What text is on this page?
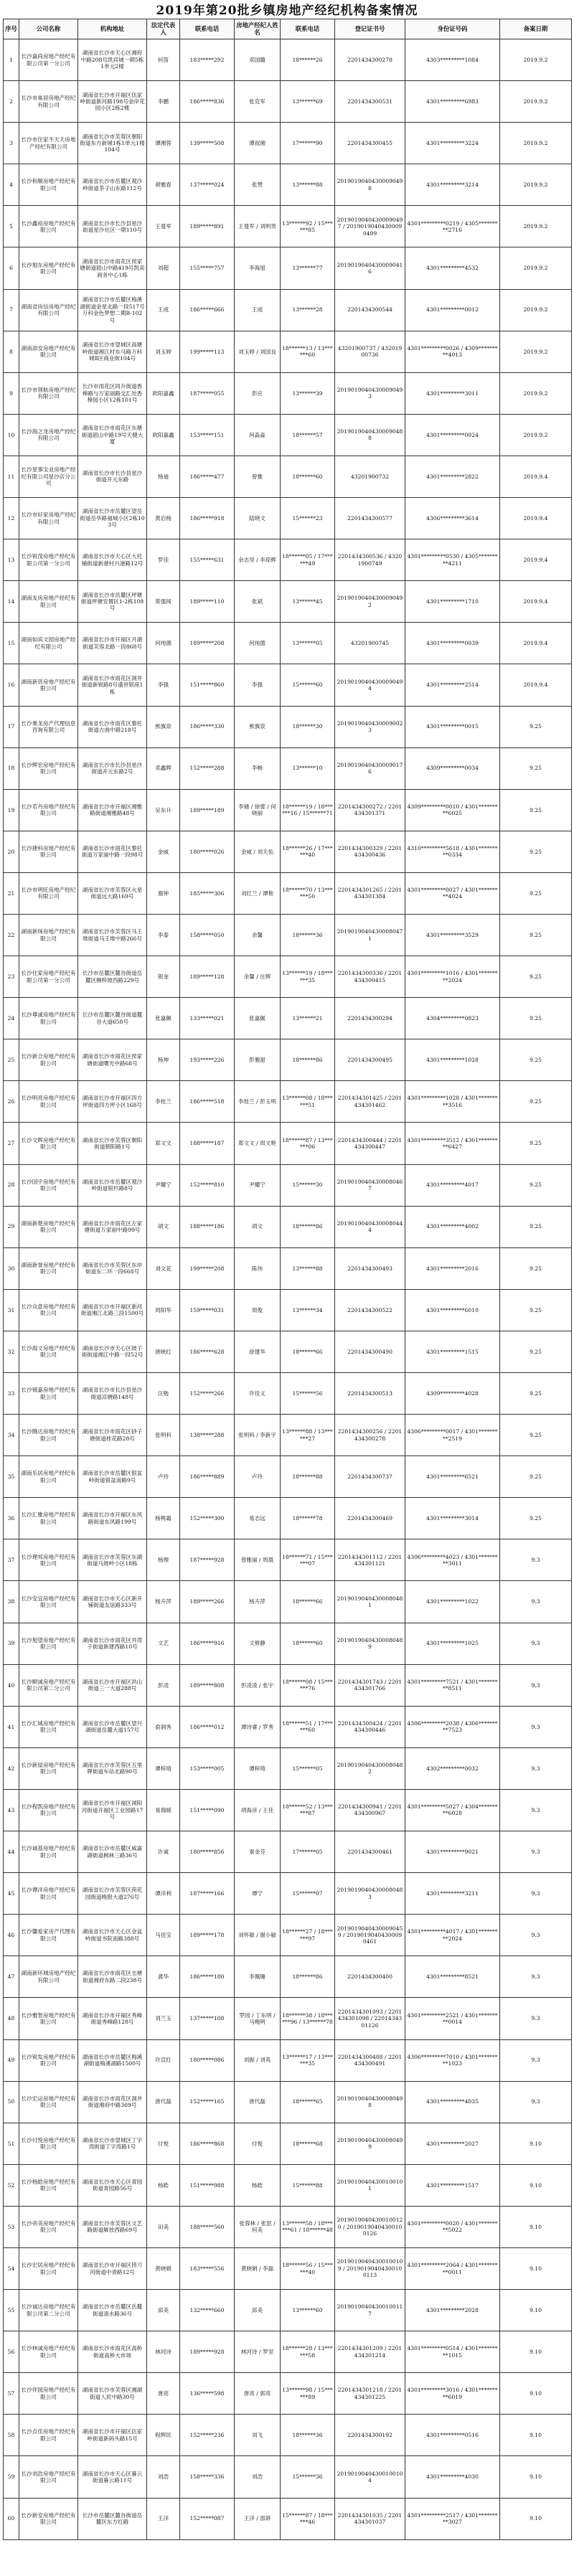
2019年第20批乡镇房地产经纪机构备案情况
序号	公司名称	机构地址	法定代表人	联系电话	房地产经纪人姓名	联系电话	登记证书号	身份证号码	备案日期
1	长沙嘉尚房地产经纪有限公司第一分公司	湖南省长沙市天心区湘府中路208号凯宾城一期5栋1单元2楼	何笛	183*****292	邓国璐	18******26	2201434300278	4303*********1084	2019.9.2
2	长沙市巢居房地产经纪有限公司	湖南省长沙市开福区伍家岭街道新河路198号金岸花园小区2栋2楼	李鹏	186*****836	张克军	13******69	2201434300531	4301*********6983	2019.9.2
3	长沙市住家不天天房地产经纪有限公司	湖南省长沙市芙蓉区朝阳街道东方新城1栋1单元1楼104号	谭湘蓉	139*****508	谭叔湘	17******90	2201434300455	4301*********3224	2019.9.2
4	长沙和顺房地产经纪有限公司	湖南省长沙市岳麓区观沙岭街道茶子山东路112号	胡雅春	137*****024	张赞	13******88	20190190404300090498	4301*********3214	2019.9.2
5	长沙鑫裕房地产经纪有限公司	湖南省长沙市长沙县星沙街道星沙社区一期110号	王曼军	189*****891	王曼军 / 刘明贵	13******92 / 15******85	20190190404300090497 / 20190190404300090499	4301*********0219 / 4305*********2716	2019.9.2
6	长沙旭东房地产经纪有限公司	湖南省长沙市雨花区侯家塘街道韶山中路419号凯宾商务中心1栋	刘超	155*****757	李海旭	13******77	20190190404300090416	4301*********4532	2019.9.2
7	湖南省房信房地产经纪有限公司	湖南省长沙市岳麓区梅溪湖街道金星北路一段517号万科金色梦想二期B-102号	王成	186*****666	王成	13******28	2201434300544	4301*********0012	2019.9.2
8	湖南添安房地产经纪有限公司	湖南省长沙市望城区高塘岭街道湘江村东马路万科城Ⅱ区商业街104号	刘玉婷	199*****113	刘玉婷 / 刘国良	18******13 / 13******60	43201900737 / 43201900736	4301*********0026 / 4309*********4013	2019.9.2
9	长沙市领航房地产经纪有限公司	长沙市雨花区同升街道香樟路与万家丽路交汇处香樟园小区12栋101号	欧阳嘉鑫	187*****055	彭应	13******39	20190190404300090493	4301*********3011	2019.9.2
10	长沙海之龙房地产经纪有限公司	湖南省长沙市雨花区东塘街道韶山中路19号天健大厦	欧阳嘉鑫	153*****151	何淼淼	18******57	20190190404300090488	4301*********0024	2019.9.2
11	长沙星事宝业房地产经纪有限公司星沙店分公司	湖南省长沙市长沙县星沙街道开元东路	杨迪	186*****477	曾雅	18******60	43201900732	4301*********2822	2019.9.4
12	长沙市好家房地产经纪有限公司	湖南省长沙市岳麓区望岳街道岳华路福城小区2栋103号	黄启杨	186*****918	陆晓文	15******23	2201434300577	4306*********3614	2019.9.4
13	长沙锐茂房地产经纪有限公司第一分公司	湖南省长沙市天心区大托铺街道新港村兴港路12号	罗佳	155*****631	余志坚 / 李琼辉	18******05 / 17******49	2201434300536 / 43201900749	4301*********0530 / 4305*********4211	2019.9.4
14	湖南友房房地产经纪有限公司	湖南省长沙市岳麓区坪塘街道坪塘安置区1-2栋108号	莫强闯	189*****110	张斌	13******45	20190190404300090492	4301*********1710	2019.9.4
15	湖南如宾文园房地产经纪有限公司	湖南省长沙市开福区月湖街道芙蓉北路一段868号	何纯德	189*****208	何纯德	13******05	43201900745	4301*********0039	2019.9.4
16	湖南新资房地产经纪有限公司	湖南省长沙市雨花区洞井街道新锐路8号盛世银座1栋	李强	151*****860	李强	15******60	20190190404300090494	4301*********2514	2019.9.4
17	长沙奥龙房产代理信息咨询有限公司	湖南省长沙市雨花区黎托街道古曲中路218号	熊旗泉	186*****330	熊旗泉	18******30	20190190404300090023	4301*********0015	9.25
18	长沙辉宏房地产经纪有限公司	湖南省长沙市长沙县星沙街道开元东路2号	邓鑫辉	152*****288	李畅	13******10	20190190404300090176	4309*********0034	9.25
19	长沙若丹房地产经纪有限公司	湖南省长沙市开福区湘雅路街道湘雅路48号	吴东升	189*****189	李储 / 徐蕾 / 何晓丽	18******19 / 18******16 / 15******71	2201434300272 / 2201434301371	4309*********0010 / 4301*********6025	9.25
20	长沙捷科房地产经纪有限公司	湖南省长沙市雨花区黎托街道万家丽中路一段98号	金威	180*****026	金威 / 刘天佑	18******26 / 17******40	2201434300329 / 2201434300436	4310*********5618 / 4301*********0334	9.25
21	长沙市明旺房地产经纪有限公司	湖南省长沙市芙蓉区火星街道远大路169号	谢钟	185*****306	刘红兰 / 谭艳	18******70 / 13******50	2201434301265 / 2201434301384	4301*********0027 / 4301*********4024	9.25
22	湖南新珠房地产经纪有限公司	湖南省长沙市芙蓉区马王堆街道马王堆中路266号	李泰	158*****050	余馨	18******36	20190190404300080471	4301*********3529	9.25
23	长沙住家房地产经纪有限公司第一分公司	长沙市岳麓区麓谷街道岳麓区桐梓坡西路229号	银金	189*****128	余馨 / 庄辉	13******19 / 18******35	2201434300336 / 2201434300415	4301*********1016 / 4301*********2024	9.25
24	长沙尊诚房地产经纪有限公司	长沙市岳麓区麓谷街道麓谷大道658号	张嘉佩	133*****021	张嘉佩	13******21	2201434300294	4304*********0823	9.25
25	长沙新合房地产经纪有限公司	湖南省长沙市雨花区侯家塘街道曙光中路68号	杨坤	193*****226	彭雅甜	18******86	2201434300495	4301*********1028	9.25
26	长沙明亮房地产经纪有限公司	湖南省长沙市开福区四方坪街道四方坪小区168号	李桂兰	186*****518	李桂兰 / 彭玉明	13******08 / 18******51	2201434301425 / 2201434301462	4301*********1028 / 4301*********3516	9.25
27	长沙文辉房地产经纪有限公司	湖南省长沙市芙蓉区朝阳街道朝阳路1号	郑文文	188*****187	郑文文 / 周文艳	18******87 / 13******06	2201434300444 / 2201434300447	4301*********3512 / 4301*********6427	9.25
28	长沙国宇房地产经纪有限公司	湖南省长沙市岳麓区观沙岭街道银杉路8号	尹耀宁	152*****810	尹耀宁	15******30	20190190404300080467	4301*********4017	9.25
29	湖南新楚房地产经纪有限公司	湖南省长沙市雨花区左家塘街道万家丽中路99号	胡文	188*****186	胡文	18******86	20190190404300080444	4301*********4002	9.25
30	湖南新誉房地产经纪有限公司	湖南省长沙市芙蓉区东岸街道东二环一段668号	刘文花	199*****208	陈伟	13******88	2201434300493	4301*********2016	9.25
31	长沙众意房地产经纪有限公司	湖南省长沙市开福区新河街道湘江北路三段1500号	周阳华	159*****031	周俊	13******34	2201434300522	4301*********6010	9.25
32	长沙海文房地产经纪有限公司	湖南省长沙市天心区坡子街街道湘江中路一段52号	唐映红	186*****628	徐建华	18******66	2201434300490	4301*********1515	9.25
33	长沙锦嘉房地产经纪有限公司	湖南省长沙市长沙县星沙街道凉塘路148号	汪勉	152*****266	许佳义	15******56	2201434300513	4309*********4028	9.25
34	长沙腾达房地产经纪有限公司	湖南省长沙市雨花区砂子塘街道桂花路28号	张明科	138*****288	张明科 / 李新宇	13******88 / 13******27	2201434300256 / 2201434300278	4306*********0017 / 4301*********2519	9.25
35	湖南乐居房地产经纪有限公司	湖南省长沙市岳麓区银盆岭街道银盆南路9号	卢玲	186*****889	卢玲	18******88	2201434300737	4301*********6521	9.25
36	长沙汇雅房地产经纪有限公司	湖南省长沙市开福区东风路街道东风路199号	杨桃霜	152*****300	易志远	18******78	2201434300469	4301*********3014	9.25
37	长沙理邦房地产经纪有限公司	湖南省长沙市芙蓉区东湖街道马坡岭小区18栋	杨理	187*****928	曾雅丽 / 周晨	18******71 / 15******07	2201434301112 / 2201434301121	4306*********4023 / 4301*********3011	9.3
38	长沙安宜房地产经纪有限公司	湖南省长沙市天心区新开铺街道友谊路333号	杨卉萍	189*****266	杨卉萍	18******66	20190190404300080481	4301*********1022	9.3
39	长沙旭望房地产经纪有限公司	湖南省长沙市雨花区井湾子街道新建西路10号	文艺	186*****916	文修静	18******60	20190190404300080489	4301*********1025	9.3
40	长沙顺诚房地产经纪有限公司第二分公司	湖南省长沙市开福区洪山街道三一大道288号	彭凌	189*****808	彭凌凌 / 张宇	18******08 / 15******76	2201434301743 / 2201434301766	4301*********7521 / 4301*********8511	9.3
41	长沙汇城房地产经纪有限公司	湖南省长沙市岳麓区望月湖街道岳麓大道157号	俞洞秀	186*****012	谭诗睿 / 罗秀	18******51 / 17******60	2201434300424 / 2201434300446	4306*********2038 / 4306*********7523	9.3
42	长沙新屋房地产经纪有限公司	湖南省长沙市芙蓉区五里牌街道车站北路90号	谭梓琦	153*****005	谭梓琦	15******05	20190190404300080482	4302*********0032	9.3
43	长沙程凯房地产经纪有限公司	湖南省长沙市开福区浏阳河街道开福区工业园路17号	易瑞媛	151*****090	胡海彦 / 王佳	18******52 / 13******87	2201434300941 / 2201434300967	4301*********5027 / 4304*********6028	9.3
44	长沙诚基房地产经纪有限公司	湖南省长沙市岳麓区咸嘉湖街道枫林三路36号	许诚	180*****856	秦金芬	17******05	2201434300461	4301*********9021	9.3
45	长沙谭洋房地产经纪有限公司	湖南省长沙市芙蓉区荷花园街道晚报大道276号	谭洋利	187*****166	谭宁	15******07	20190190404300080483	4301*********3211	9.3
46	长沙馨爱家房产代理有限公司	湖南省长沙市天心区金盆岭街道书院南路388号	马佳宝	189*****178	刘怀敏 / 谢小敏	18******27 / 18******97	20190190404300090459 / 20190190404300090461	4301*********4017 / 4301*********2024	9.3
47	湖南新环城房地产经纪有限公司	湖南省长沙市雨花区圭塘街道湘府东路二段238号	龚华	186*****180	李佩珊	18******86	2201434300400	4301*********8521	9.3
48	长沙雅智房地产经纪有限公司	湖南省长沙市开福区秀峰街道秀峰路128号	刘兰玉	137*****108	罗园 / 丁东明 / 马晚明	18******38 / 18******96 / 13******78	2201434301093 / 2201434301098 / 2201434301126	4301*********2521 / 4301*********0014	9.3
49	长沙锐发房地产经纪有限公司	湖南省长沙市岳麓区梅溪湖街道梅溪湖路1500号	许宣红	180*****086	刘振 / 刘英	13******17 / 13******35	2201434300488 / 2201434300491	4306*********7010 / 4301*********1023	9.3
50	长沙宏运房地产经纪有限公司	湖南省长沙市雨花区洞井街道湘府中路369号	唐代磊	152*****165	唐代磊	18******65	20190190404300080498	4301*********4035	9.3
51	长沙付悦房地产经纪有限公司	湖南省长沙市望城区丁字湾街道丁字湾路1号	付悦	186*****868	付悦	18******68	20190190404300080499	4301*********2027	9.10
52	长沙杨皓房地产经纪有限公司	湖南省长沙市天心区青园街道青园路56号	杨皓	151*****988	杨皓	15******88	20190190404300100101	4301*********1517	9.10
53	长沙帝美房地产经纪有限公司	湖南省长沙市芙蓉区文艺路街道解放西路69号	田美	188*****560	张蓉林 / 张思 / 何美	13******58 / 18******61 / 18******48	20190190404300100120 / 20190190404300100126	4301*********0020 / 4301*********5022	9.10
54	长沙宏居房地产经纪有限公司	湖南省长沙市开福区捞刀河街道中青路12号	黄晓娟	183*****556	黄晓娟 / 李磊	18******56 / 15******40	20190190404300100109 / 20190190404300100113	4301*********2064 / 4301*********0011	9.10
55	长沙诚达房地产经纪有限公司第二分公司	湖南省长沙市岳麓区岳麓街道清水路36号	邱美	132*****660	邱美	13******60	20190190404300100117	4301*********2028	9.10
56	长沙林诚房地产经纪有限公司	湖南省长沙市雨花区高桥街道高桥大市场	林河诗	189*****928	林河诗 / 罗坚	18******28 / 13******58	2201434301209 / 2201434301214	4301*********0514 / 4301*********1015	9.10
57	长沙伴园房地产经纪有限公司	湖南省长沙市芙蓉区湘湖街道人民中路30号	唐亮	136*****598	唐亮 / 郭亮	13******98 / 15******89	2201434301218 / 2201434301225	4301*********3016 / 4301*********6019	9.10
58	长沙点佳房地产经纪有限公司	湖南省长沙市开福区伍家岭街道新码头路15号	程辉民	152*****236	刘飞	18******36	2201434300192	4301*********0516	9.10
59	长沙刘浩房地产经纪有限公司	湖南省长沙市天心区暮云街道暮云路11号	刘浩	158*****336	刘浩	15******36	20190190404300100104	4301*********4030	9.10
60	长沙新安房地产经纪有限公司	长沙市岳麓区麓谷街道岳麓区东方红路	王洋	152*****087	王洋 / 邵妍	15******87 / 18******46	2201434301035 / 2201434301037	4301*********2517 / 4301*********3027	9.10
